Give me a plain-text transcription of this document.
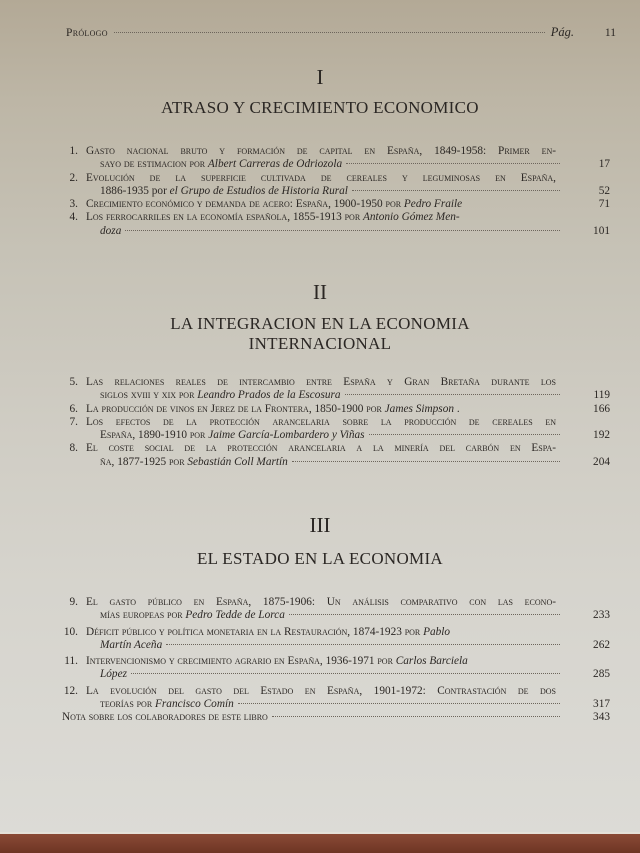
Prólogo	Pág.	11
I
ATRASO Y CRECIMIENTO ECONOMICO
1. Gasto nacional bruto y formación de capital en España, 1849-1958: Primer en-
sayo de estimacion por Albert Carreras de Odriozola	17
2. Evolución de la superficie cultivada de cereales y leguminosas en España,
1886-1935 por el Grupo de Estudios de Historia Rural	52
3. Crecimiento económico y demanda de acero: España, 1900-1950 por Pedro Fraile	71
4. Los ferrocarriles en la economía española, 1855-1913 por Antonio Gómez Men-
doza	101
II
LA INTEGRACION EN LA ECONOMIA
INTERNACIONAL
5. Las relaciones reales de intercambio entre España y Gran Bretaña durante los
siglos xviii y xix por Leandro Prados de la Escosura	119
6. La producción de vinos en Jerez de la Frontera, 1850-1900 por James Simpson .	166
7. Los efectos de la protección arancelaria sobre la producción de cereales en
España, 1890-1910 por Jaime García-Lombardero y Viñas	192
8. El coste social de la protección arancelaria a la minería del carbón en Espa-
ña, 1877-1925 por Sebastián Coll Martín	204
III
EL ESTADO EN LA ECONOMIA
9. El gasto público en España, 1875-1906: Un análisis comparativo con las econo-
mías europeas por Pedro Tedde de Lorca	233
10. Déficit público y política monetaria en la Restauración, 1874-1923 por Pablo
Martín Aceña	262
11. Intervencionismo y crecimiento agrario en España, 1936-1971 por Carlos Barciela
López	285
12. La evolución del gasto del Estado en España, 1901-1972: Contrastación de dos
teorías por Francisco Comín	317
Nota sobre los colaboradores de este libro	343
